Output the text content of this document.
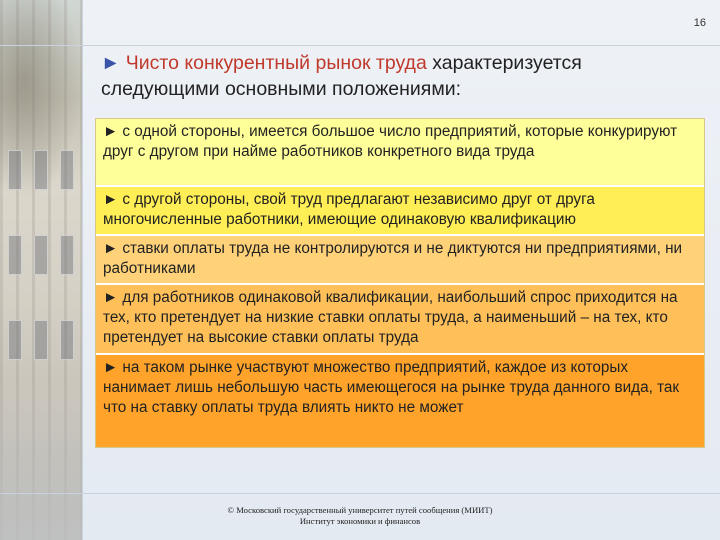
16
► Чисто конкурентный рынок труда характеризуется следующими основными положениями:
► с одной стороны, имеется большое число предприятий, которые конкурируют друг с другом при найме работников конкретного вида труда
► с другой стороны, свой труд предлагают независимо друг от друга многочисленные работники, имеющие одинаковую квалификацию
► ставки оплаты труда не контролируются и не диктуются ни предприятиями, ни работниками
► для работников одинаковой квалификации, наибольший спрос приходится на тех, кто претендует на низкие ставки оплаты труда, а наименьший – на тех, кто претендует на высокие ставки оплаты труда
► на таком рынке участвуют множество предприятий, каждое из которых нанимает лишь небольшую часть имеющегося на рынке труда данного вида, так что на ставку оплаты труда влиять никто не может
© Московский государственный университет путей сообщения (МИИТ)
Институт экономики и финансов
